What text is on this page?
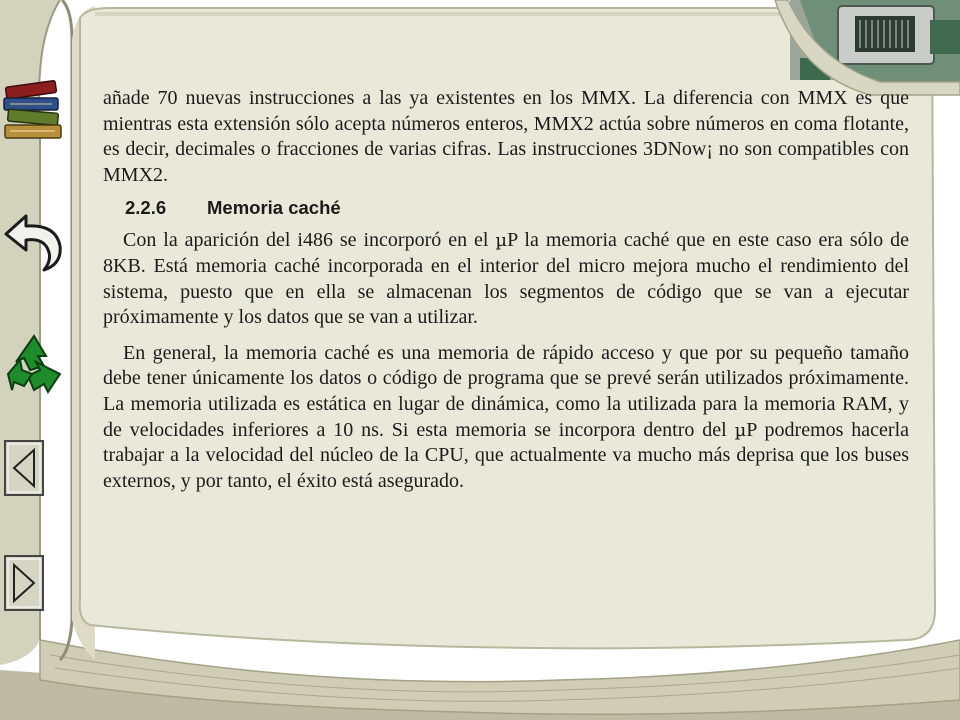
añade 70 nuevas instrucciones a las ya existentes en los MMX. La diferencia con MMX es que mientras esta extensión sólo acepta números enteros, MMX2 actúa sobre números en coma flotante, es decir, decimales o fracciones de varias cifras. Las instrucciones 3DNow¡ no son compatibles con MMX2.

2.2.6 Memoria caché

Con la aparición del i486 se incorporó en el µP la memoria caché que en este caso era sólo de 8KB. Está memoria caché incorporada en el interior del micro mejora mucho el rendimiento del sistema, puesto que en ella se almacenan los segmentos de código que se van a ejecutar próximamente y los datos que se van a utilizar.

En general, la memoria caché es una memoria de rápido acceso y que por su pequeño tamaño debe tener únicamente los datos o código de programa que se prevé serán utilizados próximamente. La memoria utilizada es estática en lugar de dinámica, como la utilizada para la memoria RAM, y de velocidades inferiores a 10 ns. Si esta memoria se incorpora dentro del µP podremos hacerla trabajar a la velocidad del núcleo de la CPU, que actualmente va mucho más deprisa que los buses externos, y por tanto, el éxito está asegurado.
